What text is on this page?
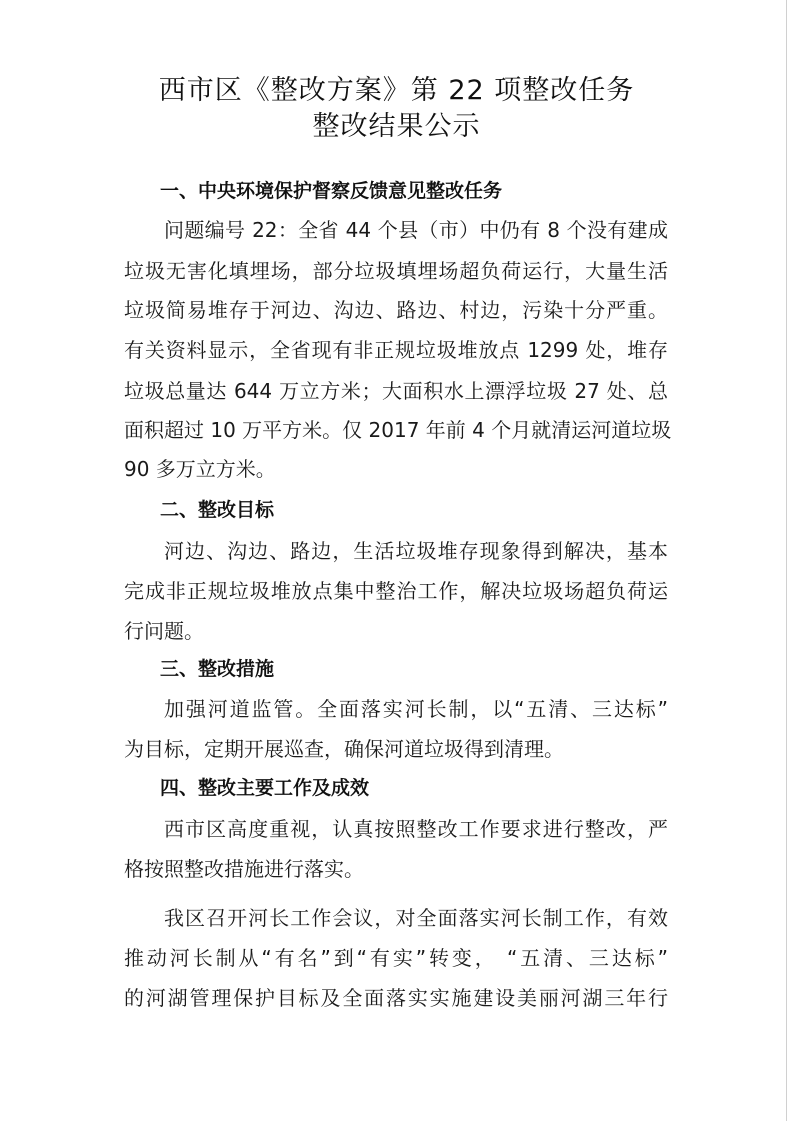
西市区《整改方案》第 22 项整改任务
整改结果公示
一、中央环境保护督察反馈意见整改任务
问题编号 22：全省 44 个县（市）中仍有 8 个没有建成
垃圾无害化填埋场，部分垃圾填埋场超负荷运行，大量生活
垃圾简易堆存于河边、沟边、路边、村边，污染十分严重。
有关资料显示，全省现有非正规垃圾堆放点 1299 处，堆存
垃圾总量达 644 万立方米；大面积水上漂浮垃圾 27 处、总
面积超过 10 万平方米。仅 2017 年前 4 个月就清运河道垃圾
90 多万立方米。
二、整改目标
河边、沟边、路边，生活垃圾堆存现象得到解决，基本
完成非正规垃圾堆放点集中整治工作，解决垃圾场超负荷运
行问题。
三、整改措施
加强河道监管。全面落实河长制，以“五清、三达标”
为目标，定期开展巡查，确保河道垃圾得到清理。
四、整改主要工作及成效
西市区高度重视，认真按照整改工作要求进行整改，严
格按照整改措施进行落实。
我区召开河长工作会议，对全面落实河长制工作，有效
推动河长制从“有名”到“有实”转变， “五清、三达标”
的河湖管理保护目标及全面落实实施建设美丽河湖三年行
